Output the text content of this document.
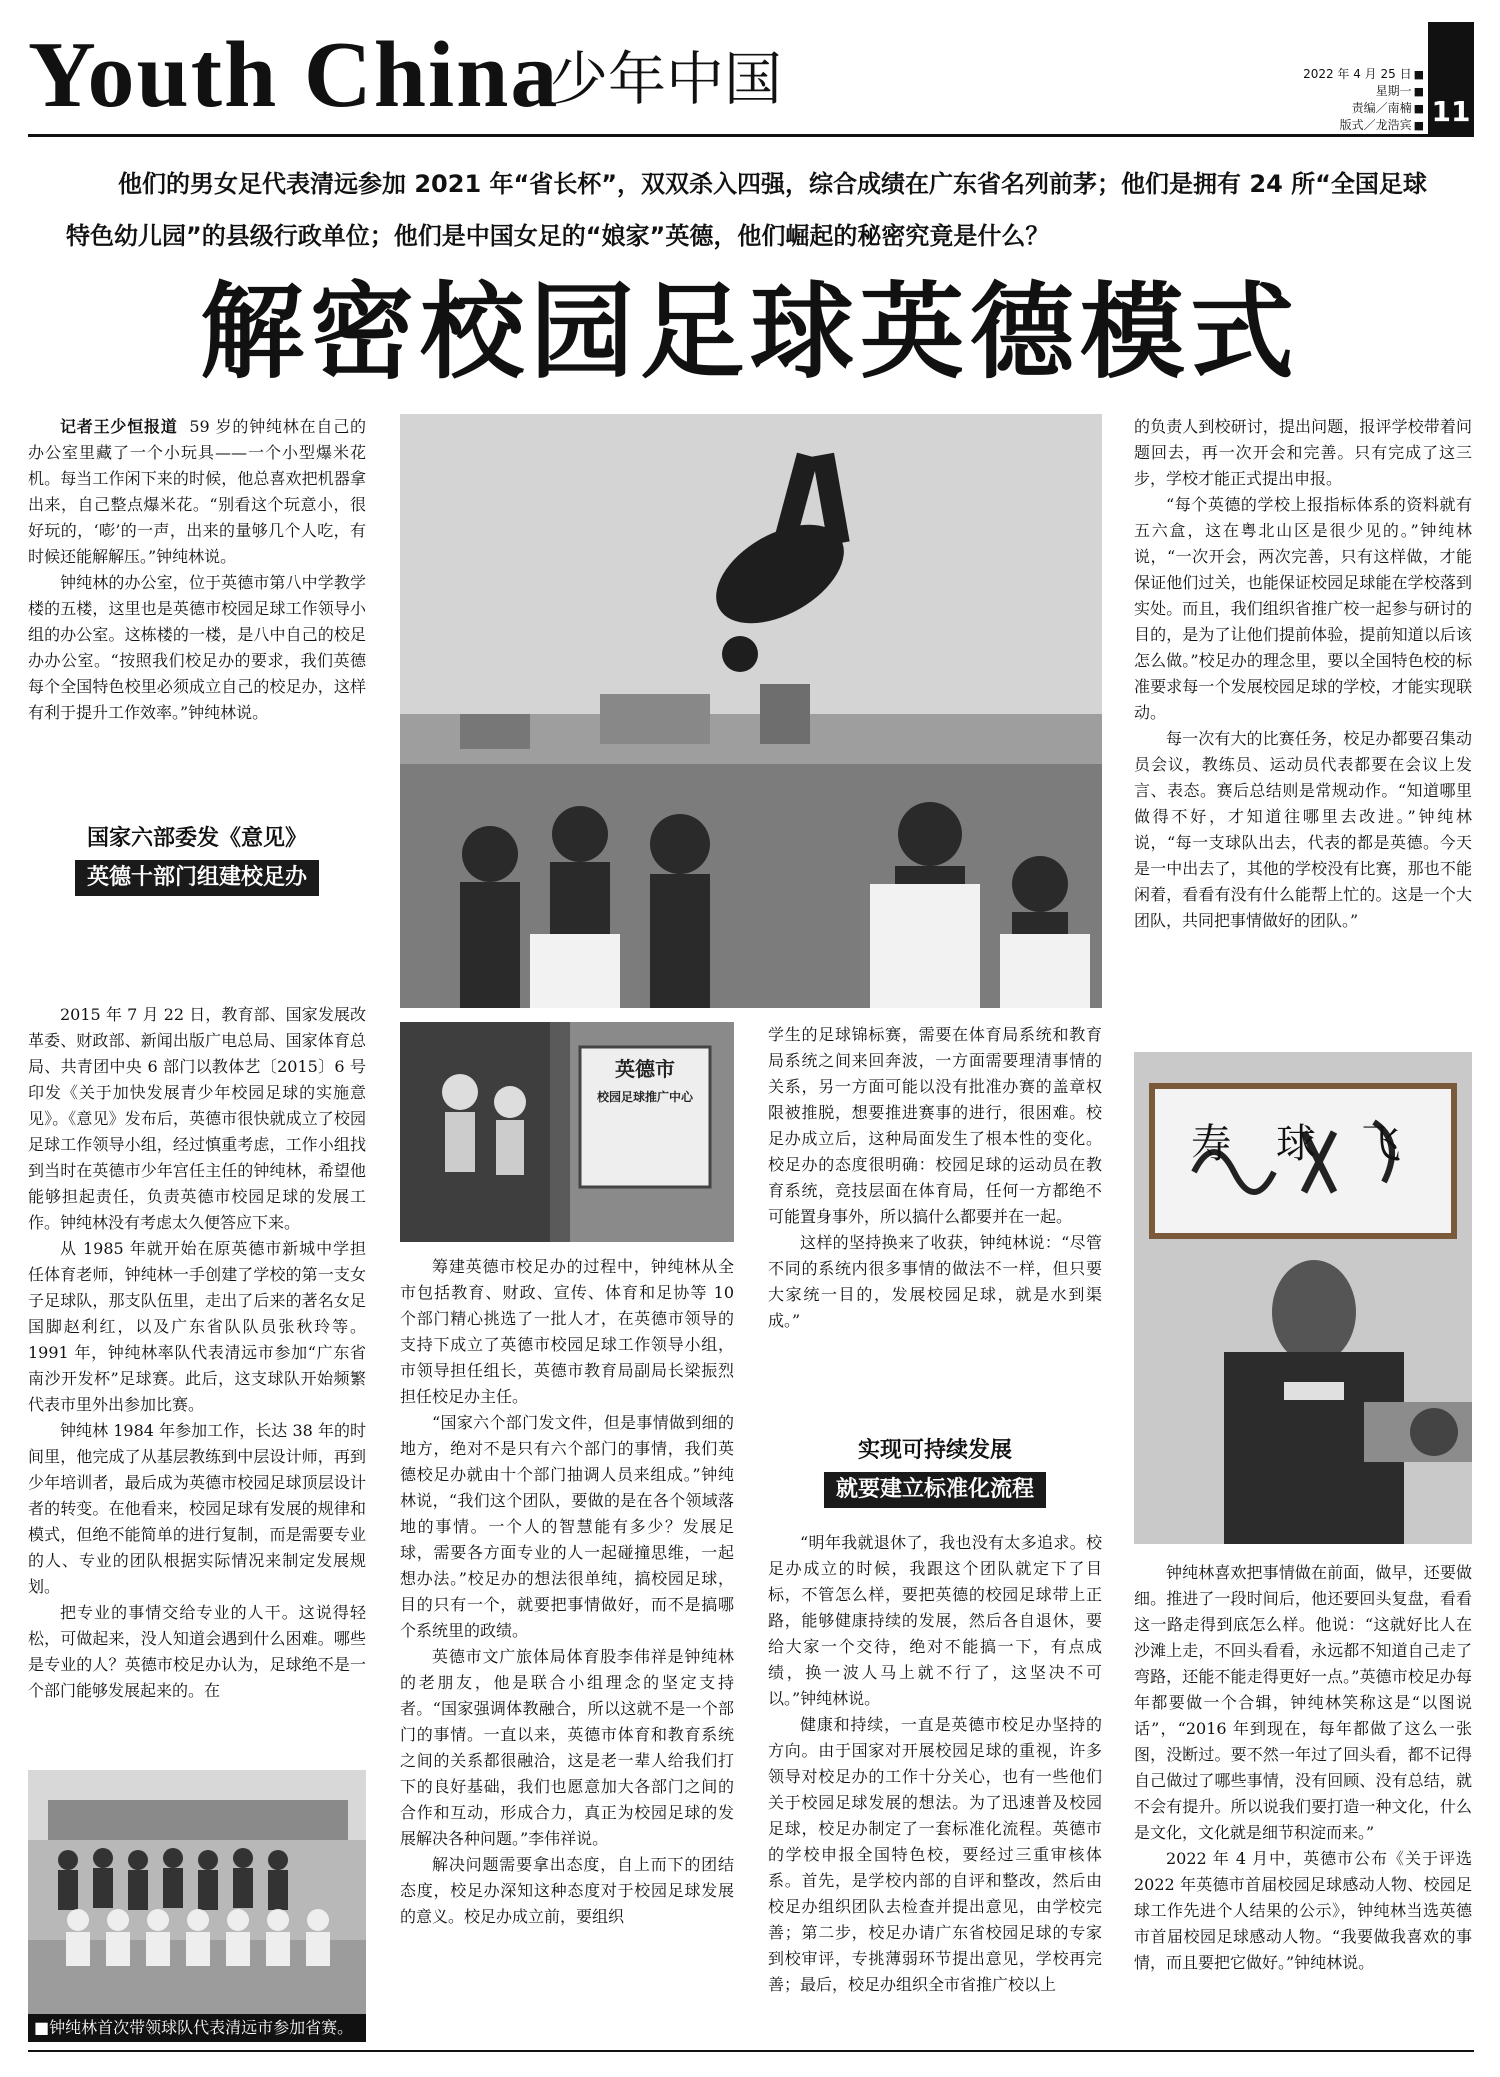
Youth China
少年中国	2022 年 4 月 25 日 ■
星期一 ■
责编／南楠 ■
版式／龙浩宾 ■ 11
他们的男女足代表清远参加 2021 年“省长杯”，双双杀入四强，综合成绩在广东省名列前茅；他们是拥有 24 所“全国足球特色幼儿园”的县级行政单位；他们是中国女足的“娘家”英德，他们崛起的秘密究竟是什么？
解密校园足球英德模式

记者王少恒报道 59 岁的钟纯林在自己的办公室里藏了一个小玩具——一个小型爆米花机。每当工作闲下来的时候，他总喜欢把机器拿出来，自己整点爆米花。“别看这个玩意小，很好玩的，‘嘭’的一声，出来的量够几个人吃，有时候还能解解压。”钟纯林说。

钟纯林的办公室，位于英德市第八中学教学楼的五楼，这里也是英德市校园足球工作领导小组的办公室。这栋楼的一楼，是八中自己的校足办办公室。“按照我们校足办的要求，我们英德每个全国特色校里必须成立自己的校足办，这样有利于提升工作效率。”钟纯林说。

国家六部委发《意见》
英德十部门组建校足办

2015 年 7 月 22 日，教育部、国家发展改革委、财政部、新闻出版广电总局、国家体育总局、共青团中央 6 部门以教体艺〔2015〕6 号印发《关于加快发展青少年校园足球的实施意见》。《意见》发布后，英德市很快就成立了校园足球工作领导小组，经过慎重考虑，工作小组找到当时在英德市少年宫任主任的钟纯林，希望他能够担起责任，负责英德市校园足球的发展工作。钟纯林没有考虑太久便答应下来。

从 1985 年就开始在原英德市新城中学担任体育老师，钟纯林一手创建了学校的第一支女子足球队，那支队伍里，走出了后来的著名女足国脚赵利红，以及广东省队队员张秋玲等。1991 年，钟纯林率队代表清远市参加“广东省南沙开发杯”足球赛。此后，这支球队开始频繁代表市里外出参加比赛。

钟纯林 1984 年参加工作，长达 38 年的时间里，他完成了从基层教练到中层设计师，再到少年培训者，最后成为英德市校园足球顶层设计者的转变。在他看来，校园足球有发展的规律和模式，但绝不能简单的进行复制，而是需要专业的人、专业的团队根据实际情况来制定发展规划。

把专业的事情交给专业的人干。这说得轻松，可做起来，没人知道会遇到什么困难。哪些是专业的人？英德市校足办认为，足球绝不是一个部门能够发展起来的。在

■钟纯林首次带领球队代表清远市参加省赛。
英德市
校园足球推广中心

筹建英德市校足办的过程中，钟纯林从全市包括教育、财政、宣传、体育和足协等 10 个部门精心挑选了一批人才，在英德市领导的支持下成立了英德市校园足球工作领导小组，市领导担任组长，英德市教育局副局长梁振烈担任校足办主任。

“国家六个部门发文件，但是事情做到细的地方，绝对不是只有六个部门的事情，我们英德校足办就由十个部门抽调人员来组成。”钟纯林说，“我们这个团队，要做的是在各个领域落地的事情。一个人的智慧能有多少？发展足球，需要各方面专业的人一起碰撞思维，一起想办法。”校足办的想法很单纯，搞校园足球，目的只有一个，就要把事情做好，而不是搞哪个系统里的政绩。

英德市文广旅体局体育股李伟祥是钟纯林的老朋友，他是联合小组理念的坚定支持者。“国家强调体教融合，所以这就不是一个部门的事情。一直以来，英德市体育和教育系统之间的关系都很融洽，这是老一辈人给我们打下的良好基础，我们也愿意加大各部门之间的合作和互动，形成合力，真正为校园足球的发展解决各种问题。”李伟祥说。

解决问题需要拿出态度，自上而下的团结态度，校足办深知这种态度对于校园足球发展的意义。校足办成立前，要组织

学生的足球锦标赛，需要在体育局系统和教育局系统之间来回奔波，一方面需要理清事情的关系，另一方面可能以没有批准办赛的盖章权限被推脱，想要推进赛事的进行，很困难。校足办成立后，这种局面发生了根本性的变化。校足办的态度很明确：校园足球的运动员在教育系统，竞技层面在体育局，任何一方都绝不可能置身事外，所以搞什么都要并在一起。

这样的坚持换来了收获，钟纯林说：“尽管不同的系统内很多事情的做法不一样，但只要大家统一目的，发展校园足球，就是水到渠成。”

实现可持续发展
就要建立标准化流程

“明年我就退休了，我也没有太多追求。校足办成立的时候，我跟这个团队就定下了目标，不管怎么样，要把英德的校园足球带上正路，能够健康持续的发展，然后各自退休，要给大家一个交待，绝对不能搞一下，有点成绩，换一波人马上就不行了，这坚决不可以。”钟纯林说。

健康和持续，一直是英德市校足办坚持的方向。由于国家对开展校园足球的重视，许多领导对校足办的工作十分关心，也有一些他们关于校园足球发展的想法。为了迅速普及校园足球，校足办制定了一套标准化流程。英德市的学校申报全国特色校，要经过三重审核体系。首先，是学校内部的自评和整改，然后由校足办组织团队去检查并提出意见，由学校完善；第二步，校足办请广东省校园足球的专家到校审评，专挑薄弱环节提出意见，学校再完善；最后，校足办组织全市省推广校以上

的负责人到校研讨，提出问题，报评学校带着问题回去，再一次开会和完善。只有完成了这三步，学校才能正式提出申报。

“每个英德的学校上报指标体系的资料就有五六盒，这在粤北山区是很少见的。”钟纯林说，“一次开会，两次完善，只有这样做，才能保证他们过关，也能保证校园足球能在学校落到实处。而且，我们组织省推广校一起参与研讨的目的，是为了让他们提前体验，提前知道以后该怎么做。”校足办的理念里，要以全国特色校的标准要求每一个发展校园足球的学校，才能实现联动。

每一次有大的比赛任务，校足办都要召集动员会议，教练员、运动员代表都要在会议上发言、表态。赛后总结则是常规动作。“知道哪里做得不好，才知道往哪里去改进。”钟纯林说，“每一支球队出去，代表的都是英德。今天是一中出去了，其他的学校没有比赛，那也不能闲着，看看有没有什么能帮上忙的。这是一个大团队，共同把事情做好的团队。”

寿 球 飞

钟纯林喜欢把事情做在前面，做早，还要做细。推进了一段时间后，他还要回头复盘，看看这一路走得到底怎么样。他说：“这就好比人在沙滩上走，不回头看看，永远都不知道自己走了弯路，还能不能走得更好一点。”英德市校足办每年都要做一个合辑，钟纯林笑称这是“以图说话”，“2016 年到现在，每年都做了这么一张图，没断过。要不然一年过了回头看，都不记得自己做过了哪些事情，没有回顾、没有总结，就不会有提升。所以说我们要打造一种文化，什么是文化，文化就是细节积淀而来。”

2022 年 4 月中，英德市公布《关于评选 2022 年英德市首届校园足球感动人物、校园足球工作先进个人结果的公示》，钟纯林当选英德市首届校园足球感动人物。“我要做我喜欢的事情，而且要把它做好。”钟纯林说。
